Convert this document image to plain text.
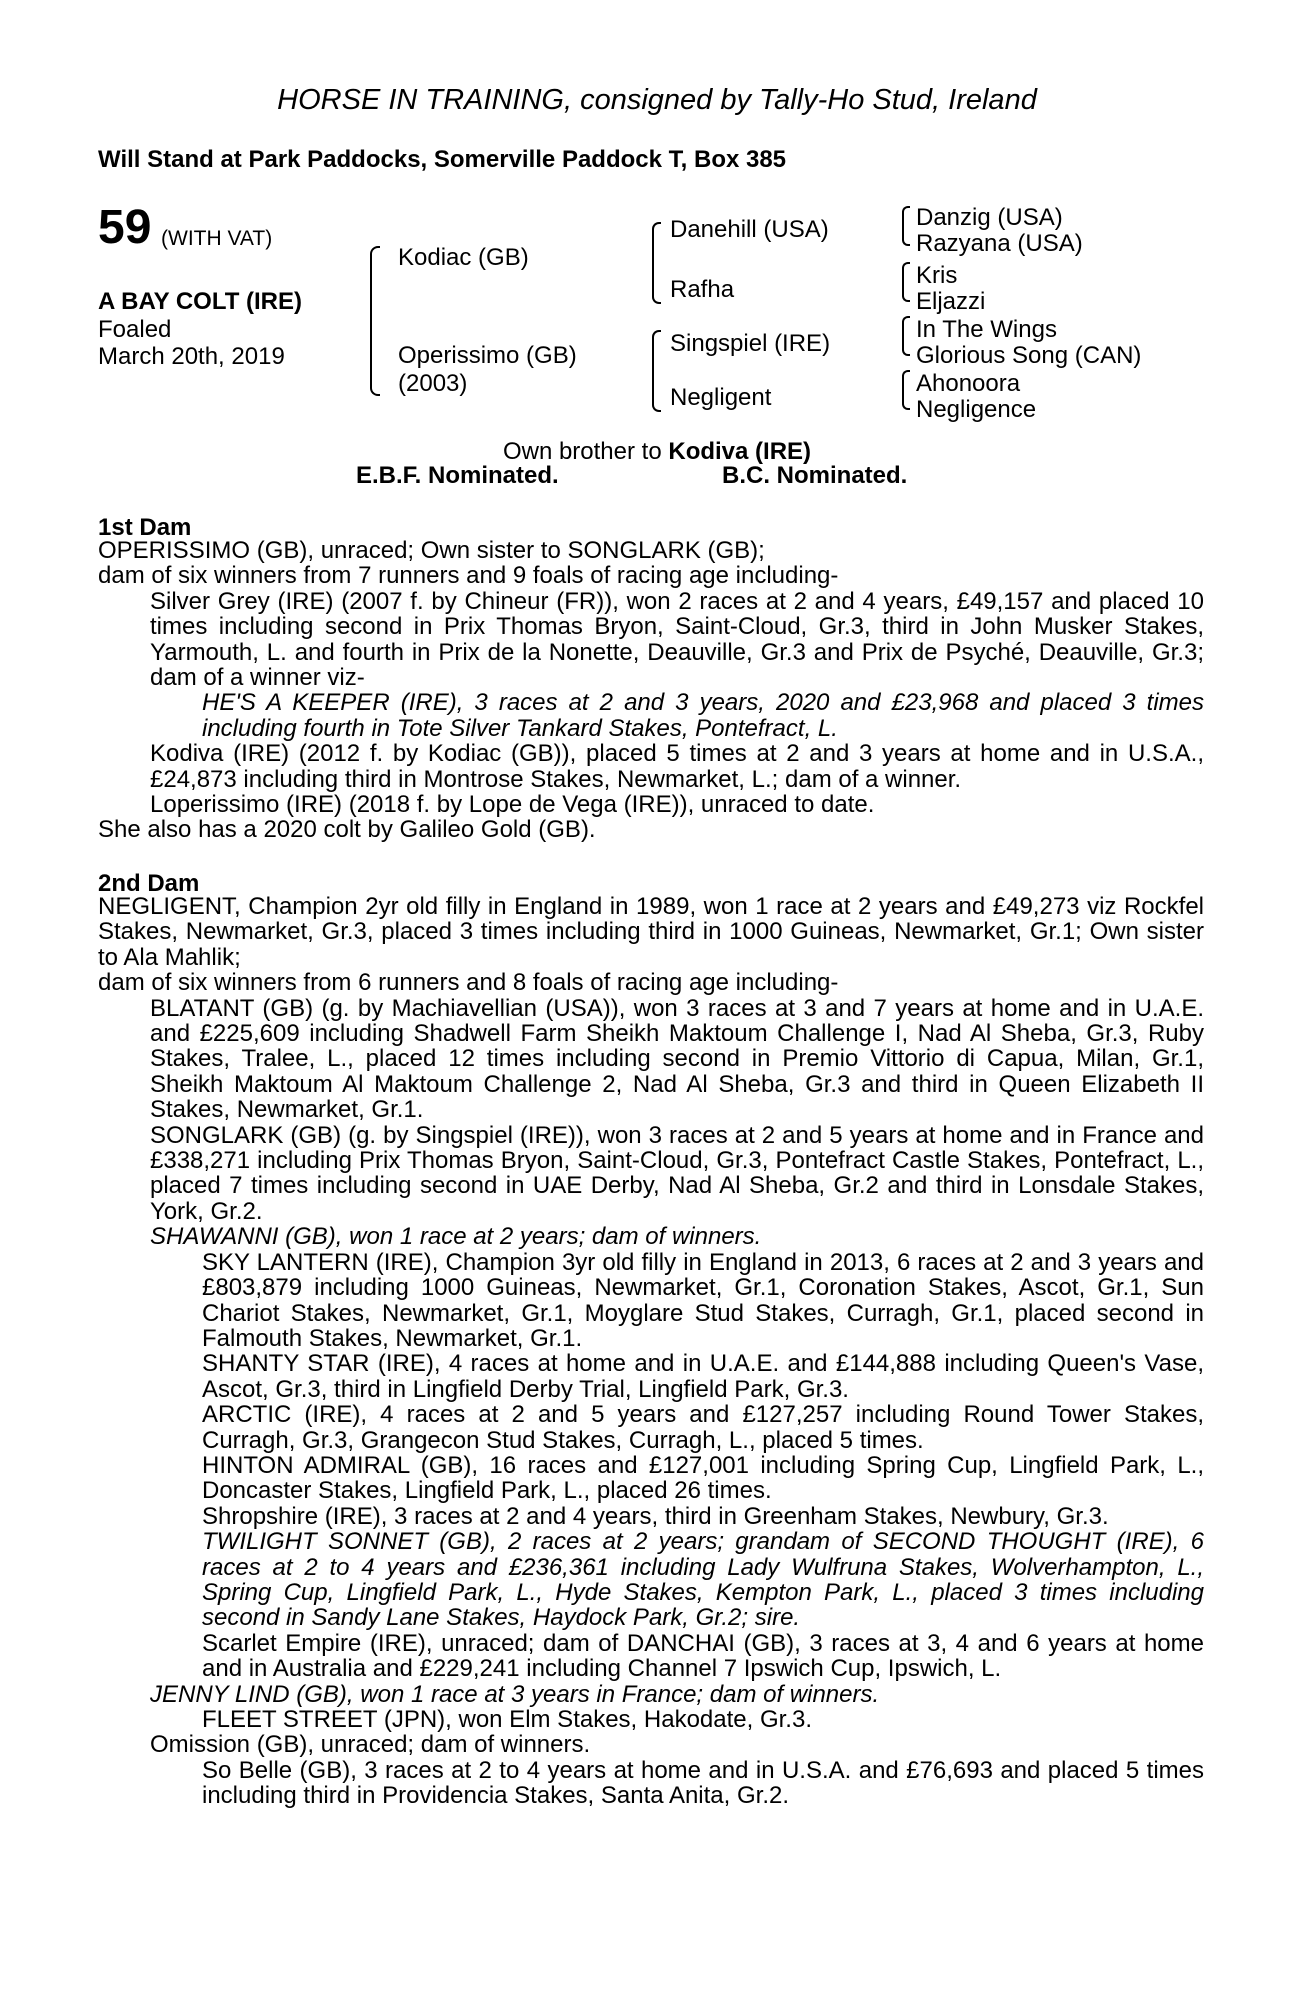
HORSE IN TRAINING, consigned by Tally-Ho Stud, Ireland
Will Stand at Park Paddocks, Somerville Paddock T, Box 385
59 (WITH VAT)
A BAY COLT (IRE)
Foaled
March 20th, 2019
Kodiac (GB)
Operissimo (GB)
(2003)
Danehill (USA)
Rafha
Singspiel (IRE)
Negligent
Danzig (USA)
Razyana (USA)
Kris
Eljazzi
In The Wings
Glorious Song (CAN)
Ahonoora
Negligence
Own brother to Kodiva (IRE)
E.B.F. Nominated.	B.C. Nominated.
1st Dam
OPERISSIMO (GB), unraced; Own sister to SONGLARK (GB);
dam of six winners from 7 runners and 9 foals of racing age including-
Silver Grey (IRE) (2007 f. by Chineur (FR)), won 2 races at 2 and 4 years, £49,157 and placed 10 times including second in Prix Thomas Bryon, Saint-Cloud, Gr.3, third in John Musker Stakes, Yarmouth, L. and fourth in Prix de la Nonette, Deauville, Gr.3 and Prix de Psyché, Deauville, Gr.3; dam of a winner viz-
HE'S A KEEPER (IRE), 3 races at 2 and 3 years, 2020 and £23,968 and placed 3 times including fourth in Tote Silver Tankard Stakes, Pontefract, L.
Kodiva (IRE) (2012 f. by Kodiac (GB)), placed 5 times at 2 and 3 years at home and in U.S.A., £24,873 including third in Montrose Stakes, Newmarket, L.; dam of a winner.
Loperissimo (IRE) (2018 f. by Lope de Vega (IRE)), unraced to date.
She also has a 2020 colt by Galileo Gold (GB).
2nd Dam
NEGLIGENT, Champion 2yr old filly in England in 1989, won 1 race at 2 years and £49,273 viz Rockfel Stakes, Newmarket, Gr.3, placed 3 times including third in 1000 Guineas, Newmarket, Gr.1; Own sister to Ala Mahlik;
dam of six winners from 6 runners and 8 foals of racing age including-
BLATANT (GB) (g. by Machiavellian (USA)), won 3 races at 3 and 7 years at home and in U.A.E. and £225,609 including Shadwell Farm Sheikh Maktoum Challenge I, Nad Al Sheba, Gr.3, Ruby Stakes, Tralee, L., placed 12 times including second in Premio Vittorio di Capua, Milan, Gr.1, Sheikh Maktoum Al Maktoum Challenge 2, Nad Al Sheba, Gr.3 and third in Queen Elizabeth II Stakes, Newmarket, Gr.1.
SONGLARK (GB) (g. by Singspiel (IRE)), won 3 races at 2 and 5 years at home and in France and £338,271 including Prix Thomas Bryon, Saint-Cloud, Gr.3, Pontefract Castle Stakes, Pontefract, L., placed 7 times including second in UAE Derby, Nad Al Sheba, Gr.2 and third in Lonsdale Stakes, York, Gr.2.
SHAWANNI (GB), won 1 race at 2 years; dam of winners.
SKY LANTERN (IRE), Champion 3yr old filly in England in 2013, 6 races at 2 and 3 years and £803,879 including 1000 Guineas, Newmarket, Gr.1, Coronation Stakes, Ascot, Gr.1, Sun Chariot Stakes, Newmarket, Gr.1, Moyglare Stud Stakes, Curragh, Gr.1, placed second in Falmouth Stakes, Newmarket, Gr.1.
SHANTY STAR (IRE), 4 races at home and in U.A.E. and £144,888 including Queen's Vase, Ascot, Gr.3, third in Lingfield Derby Trial, Lingfield Park, Gr.3.
ARCTIC (IRE), 4 races at 2 and 5 years and £127,257 including Round Tower Stakes, Curragh, Gr.3, Grangecon Stud Stakes, Curragh, L., placed 5 times.
HINTON ADMIRAL (GB), 16 races and £127,001 including Spring Cup, Lingfield Park, L., Doncaster Stakes, Lingfield Park, L., placed 26 times.
Shropshire (IRE), 3 races at 2 and 4 years, third in Greenham Stakes, Newbury, Gr.3.
TWILIGHT SONNET (GB), 2 races at 2 years; grandam of SECOND THOUGHT (IRE), 6 races at 2 to 4 years and £236,361 including Lady Wulfruna Stakes, Wolverhampton, L., Spring Cup, Lingfield Park, L., Hyde Stakes, Kempton Park, L., placed 3 times including second in Sandy Lane Stakes, Haydock Park, Gr.2; sire.
Scarlet Empire (IRE), unraced; dam of DANCHAI (GB), 3 races at 3, 4 and 6 years at home and in Australia and £229,241 including Channel 7 Ipswich Cup, Ipswich, L.
JENNY LIND (GB), won 1 race at 3 years in France; dam of winners.
FLEET STREET (JPN), won Elm Stakes, Hakodate, Gr.3.
Omission (GB), unraced; dam of winners.
So Belle (GB), 3 races at 2 to 4 years at home and in U.S.A. and £76,693 and placed 5 times including third in Providencia Stakes, Santa Anita, Gr.2.
